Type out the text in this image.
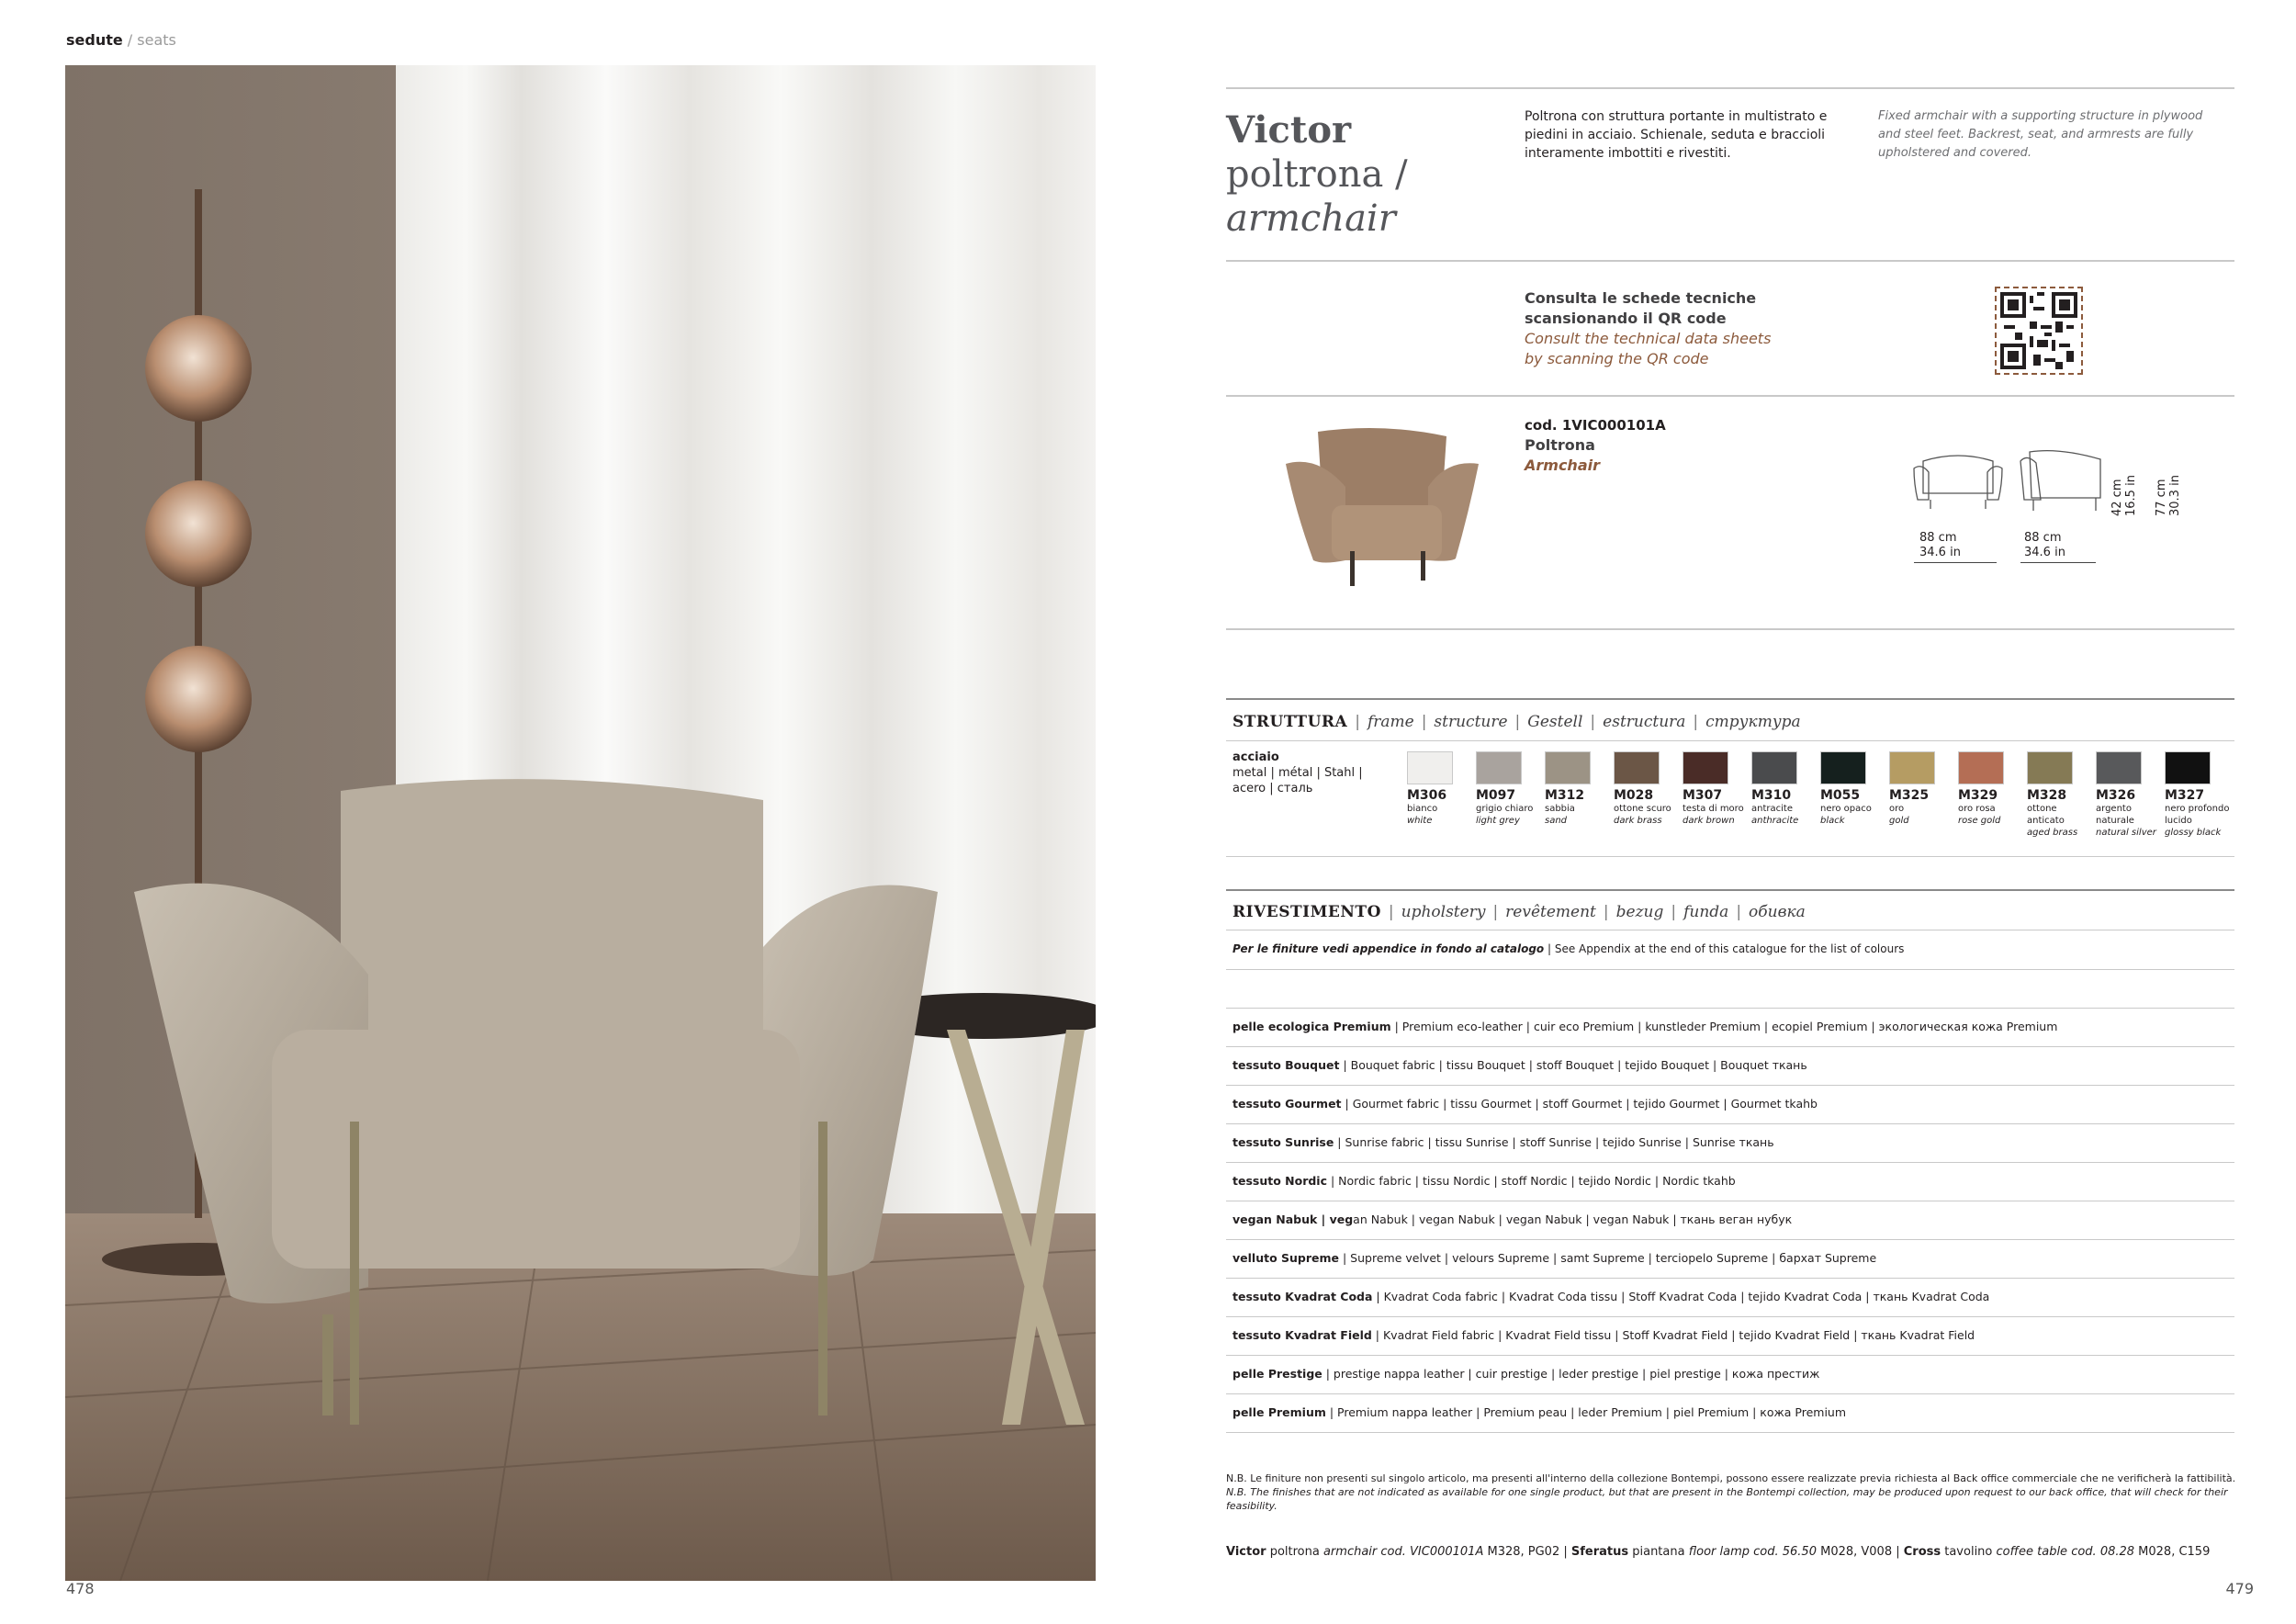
sedute / seats
Victor
poltrona /
armchair
Poltrona con struttura portante in multistrato e piedini in acciaio. Schienale, seduta e braccioli interamente imbottiti e rivestiti.
Fixed armchair with a supporting structure in plywood and steel feet. Backrest, seat, and armrests are fully upholstered and covered.
Consulta le schede tecniche
scansionando il QR code
Consult the technical data sheets
by scanning the QR code
cod. 1VIC000101A
Poltrona
Armchair
88 cm
34.6 in
88 cm
34.6 in
42 cm 16.5 in 77 cm 30.3 in
STRUTTURA | frame | structure | Gestell | estructura | структура
acciaio
metal | métal | Stahl |
acero | сталь	M306
bianco
white
M097
grigio chiaro
light grey
M312
sabbia
sand
M028
ottone scuro
dark brass
M307
testa di moro
dark brown
M310
antracite
anthracite
M055
nero opaco
black
M325
oro
gold
M329
oro rosa
rose gold
M328
ottone anticato
aged brass
M326
argento naturale
natural silver
M327
nero profondo lucido
glossy black
RIVESTIMENTO | upholstery | revêtement | bezug | funda | обивка
Per le finiture vedi appendice in fondo al catalogo | See Appendix at the end of this catalogue for the list of colours
pelle ecologica Premium | Premium eco-leather | cuir eco Premium | kunstleder Premium | ecopiel Premium | экологическая кожа Premium
tessuto Bouquet | Bouquet fabric | tissu Bouquet | stoff Bouquet | tejido Bouquet | Bouquet ткань
tessuto Gourmet | Gourmet fabric | tissu Gourmet | stoff Gourmet | tejido Gourmet | Gourmet tkahb
tessuto Sunrise | Sunrise fabric | tissu Sunrise | stoff Sunrise | tejido Sunrise | Sunrise ткань
tessuto Nordic | Nordic fabric | tissu Nordic | stoff Nordic | tejido Nordic | Nordic tkahb
vegan Nabuk | vegan Nabuk | vegan Nabuk | vegan Nabuk | vegan Nabuk | ткань веган нубук
velluto Supreme | Supreme velvet | velours Supreme | samt Supreme | terciopelo Supreme | бархат Supreme
tessuto Kvadrat Coda | Kvadrat Coda fabric | Kvadrat Coda tissu | Stoff Kvadrat Coda | tejido Kvadrat Coda | ткань Kvadrat Coda
tessuto Kvadrat Field | Kvadrat Field fabric | Kvadrat Field tissu | Stoff Kvadrat Field | tejido Kvadrat Field | ткань Kvadrat Field
pelle Prestige | prestige nappa leather | cuir prestige | leder prestige | piel prestige | кожа престиж
pelle Premium | Premium nappa leather | Premium peau | leder Premium | piel Premium | кожа Premium
N.B. Le finiture non presenti sul singolo articolo, ma presenti all'interno della collezione Bontempi, possono essere realizzate previa richiesta al Back office commerciale che ne verificherà la fattibilità.
N.B. The finishes that are not indicated as available for one single product, but that are present in the Bontempi collection, may be produced upon request to our back office, that will check for their feasibility.
Victor poltrona armchair cod. VIC000101A M328, PG02 | Sferatus piantana floor lamp cod. 56.50 M028, V008 | Cross tavolino coffee table cod. 08.28 M028, C159
478	479
